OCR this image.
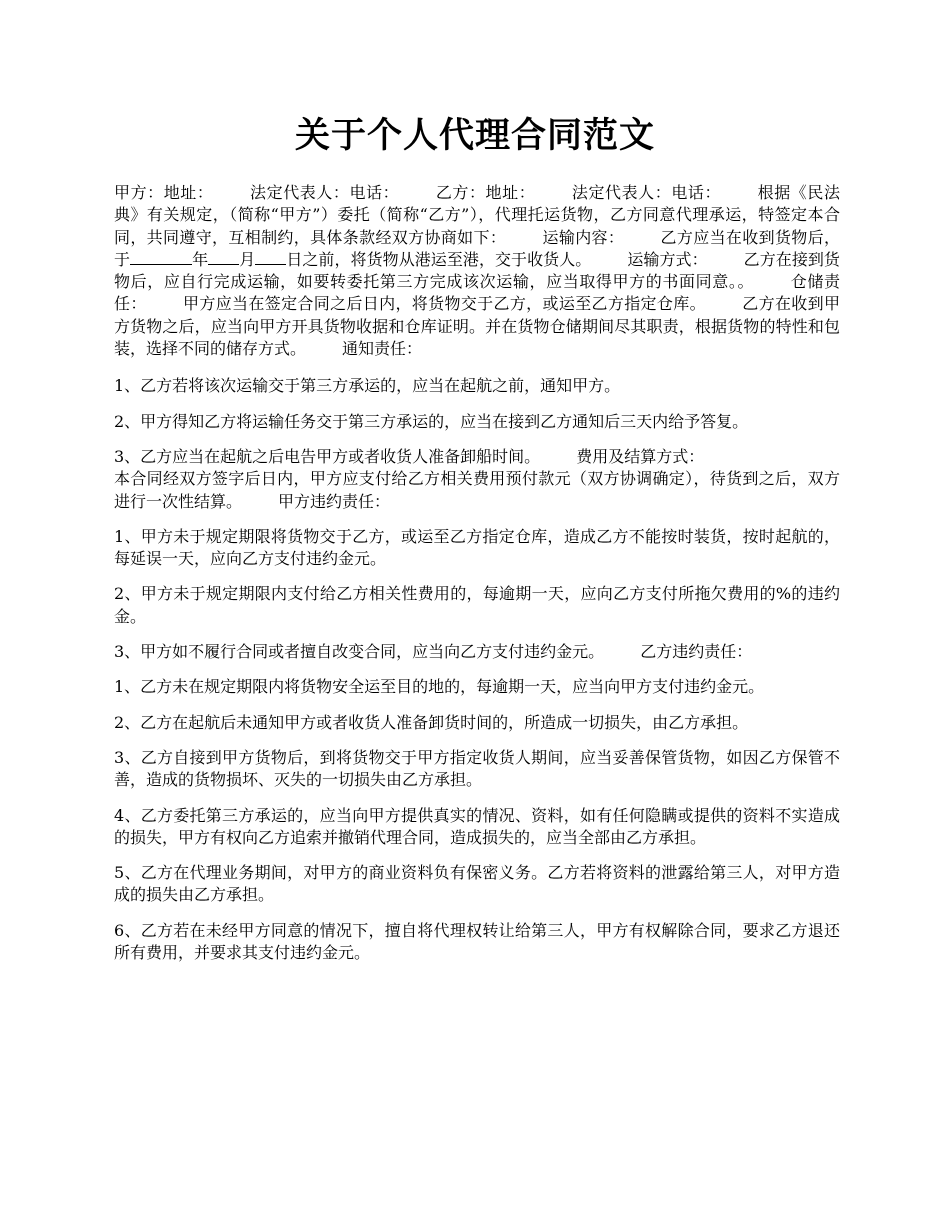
关于个人代理合同范文

甲方：地址： 法定代表人：电话： 乙方：地址： 法定代表人：电话： 根据《民法典》有关规定，（简称“甲方”）委托（简称“乙方”），代理托运货物，乙方同意代理承运，特签定本合同，共同遵守，互相制约，具体条款经双方协商如下： 运输内容： 乙方应当在收到货物后，于	年 月 日之前，将货物从港运至港，交于收货人。 运输方式： 乙方在接到货物后，应自行完成运输，如要转委托第三方完成该次运输，应当取得甲方的书面同意。。 仓储责任： 甲方应当在签定合同之后日内，将货物交于乙方，或运至乙方指定仓库。 乙方在收到甲方货物之后，应当向甲方开具货物收据和仓库证明。并在货物仓储期间尽其职责，根据货物的特性和包装，选择不同的储存方式。 通知责任：

1、乙方若将该次运输交于第三方承运的，应当在起航之前，通知甲方。

2、甲方得知乙方将运输任务交于第三方承运的，应当在接到乙方通知后三天内给予答复。

3、乙方应当在起航之后电告甲方或者收货人准备卸船时间。 费用及结算方式：
本合同经双方签字后日内，甲方应支付给乙方相关费用预付款元（双方协调确定），待货到之后，双方进行一次性结算。 甲方违约责任：

1、甲方未于规定期限将货物交于乙方，或运至乙方指定仓库，造成乙方不能按时装货，按时起航的，每延误一天，应向乙方支付违约金元。

2、甲方未于规定期限内支付给乙方相关性费用的，每逾期一天，应向乙方支付所拖欠费用的%的违约金。

3、甲方如不履行合同或者擅自改变合同，应当向乙方支付违约金元。 乙方违约责任：

1、乙方未在规定期限内将货物安全运至目的地的，每逾期一天，应当向甲方支付违约金元。

2、乙方在起航后未通知甲方或者收货人准备卸货时间的，所造成一切损失，由乙方承担。

3、乙方自接到甲方货物后，到将货物交于甲方指定收货人期间，应当妥善保管货物，如因乙方保管不善，造成的货物损坏、灭失的一切损失由乙方承担。

4、乙方委托第三方承运的，应当向甲方提供真实的情况、资料，如有任何隐瞒或提供的资料不实造成的损失，甲方有权向乙方追索并撤销代理合同，造成损失的，应当全部由乙方承担。

5、乙方在代理业务期间，对甲方的商业资料负有保密义务。乙方若将资料的泄露给第三人，对甲方造成的损失由乙方承担。

6、乙方若在未经甲方同意的情况下，擅自将代理权转让给第三人，甲方有权解除合同，要求乙方退还所有费用，并要求其支付违约金元。
